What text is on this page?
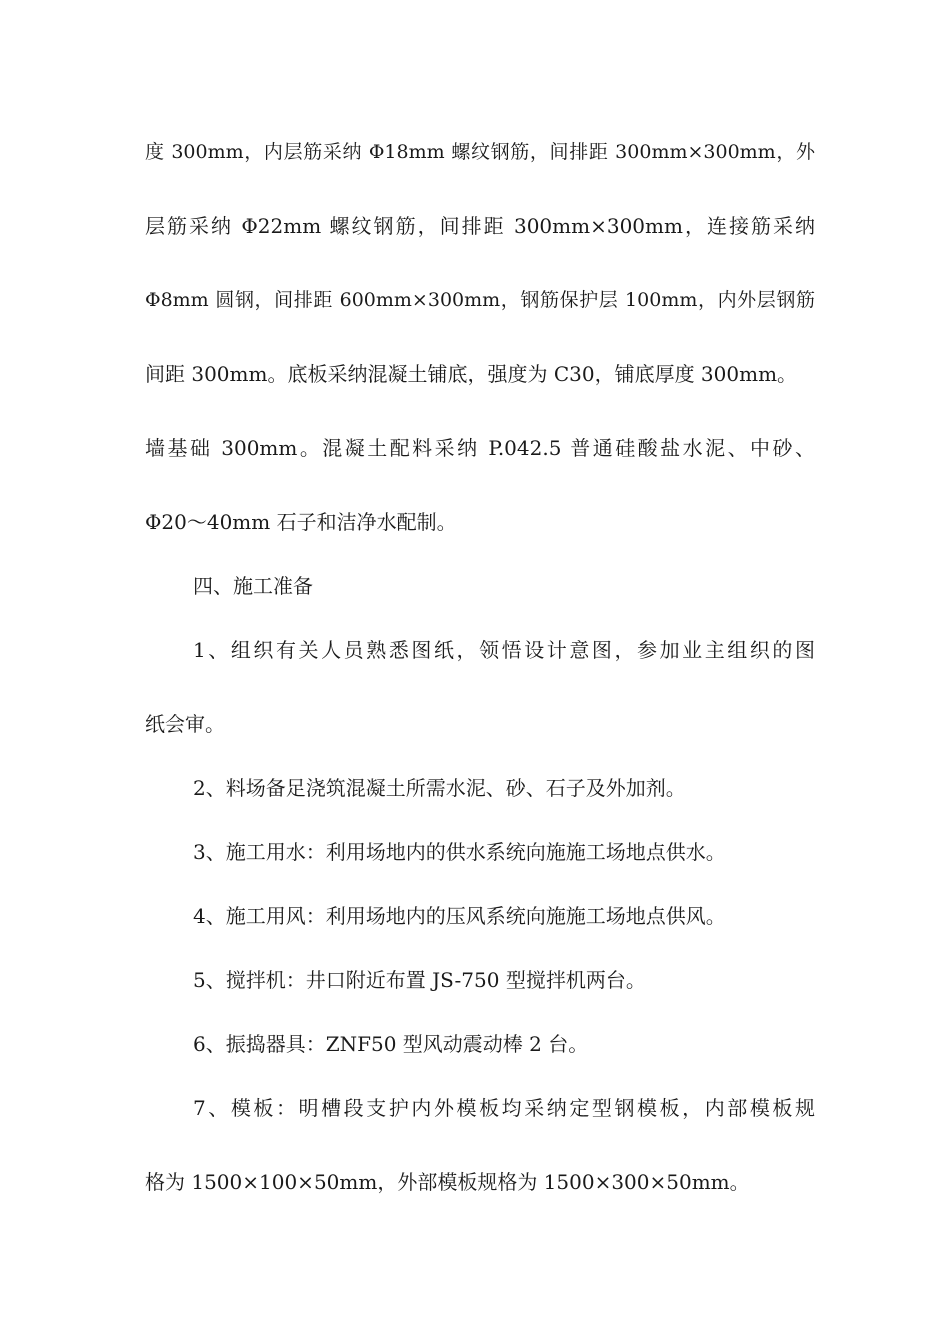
度 300mm，内层筋采纳 Φ18mm 螺纹钢筋，间排距 300mm×300mm，外
层筋采纳 Φ22mm 螺纹钢筋，间排距 300mm×300mm，连接筋采纳
Φ8mm 圆钢，间排距 600mm×300mm，钢筋保护层 100mm，内外层钢筋
间距 300mm。底板采纳混凝土铺底，强度为 C30，铺底厚度 300mm。
墙基础 300mm。混凝土配料采纳 P.042.5 普通硅酸盐水泥、中砂、
Φ20～40mm 石子和洁净水配制。
四、施工准备
1、组织有关人员熟悉图纸，领悟设计意图，参加业主组织的图
纸会审。
2、料场备足浇筑混凝土所需水泥、砂、石子及外加剂。
3、施工用水：利用场地内的供水系统向施施工场地点供水。
4、施工用风：利用场地内的压风系统向施施工场地点供风。
5、搅拌机：井口附近布置 JS-750 型搅拌机两台。
6、振捣器具：ZNF50 型风动震动棒 2 台。
7、模板：明槽段支护内外模板均采纳定型钢模板，内部模板规
格为 1500×100×50mm，外部模板规格为 1500×300×50mm。
